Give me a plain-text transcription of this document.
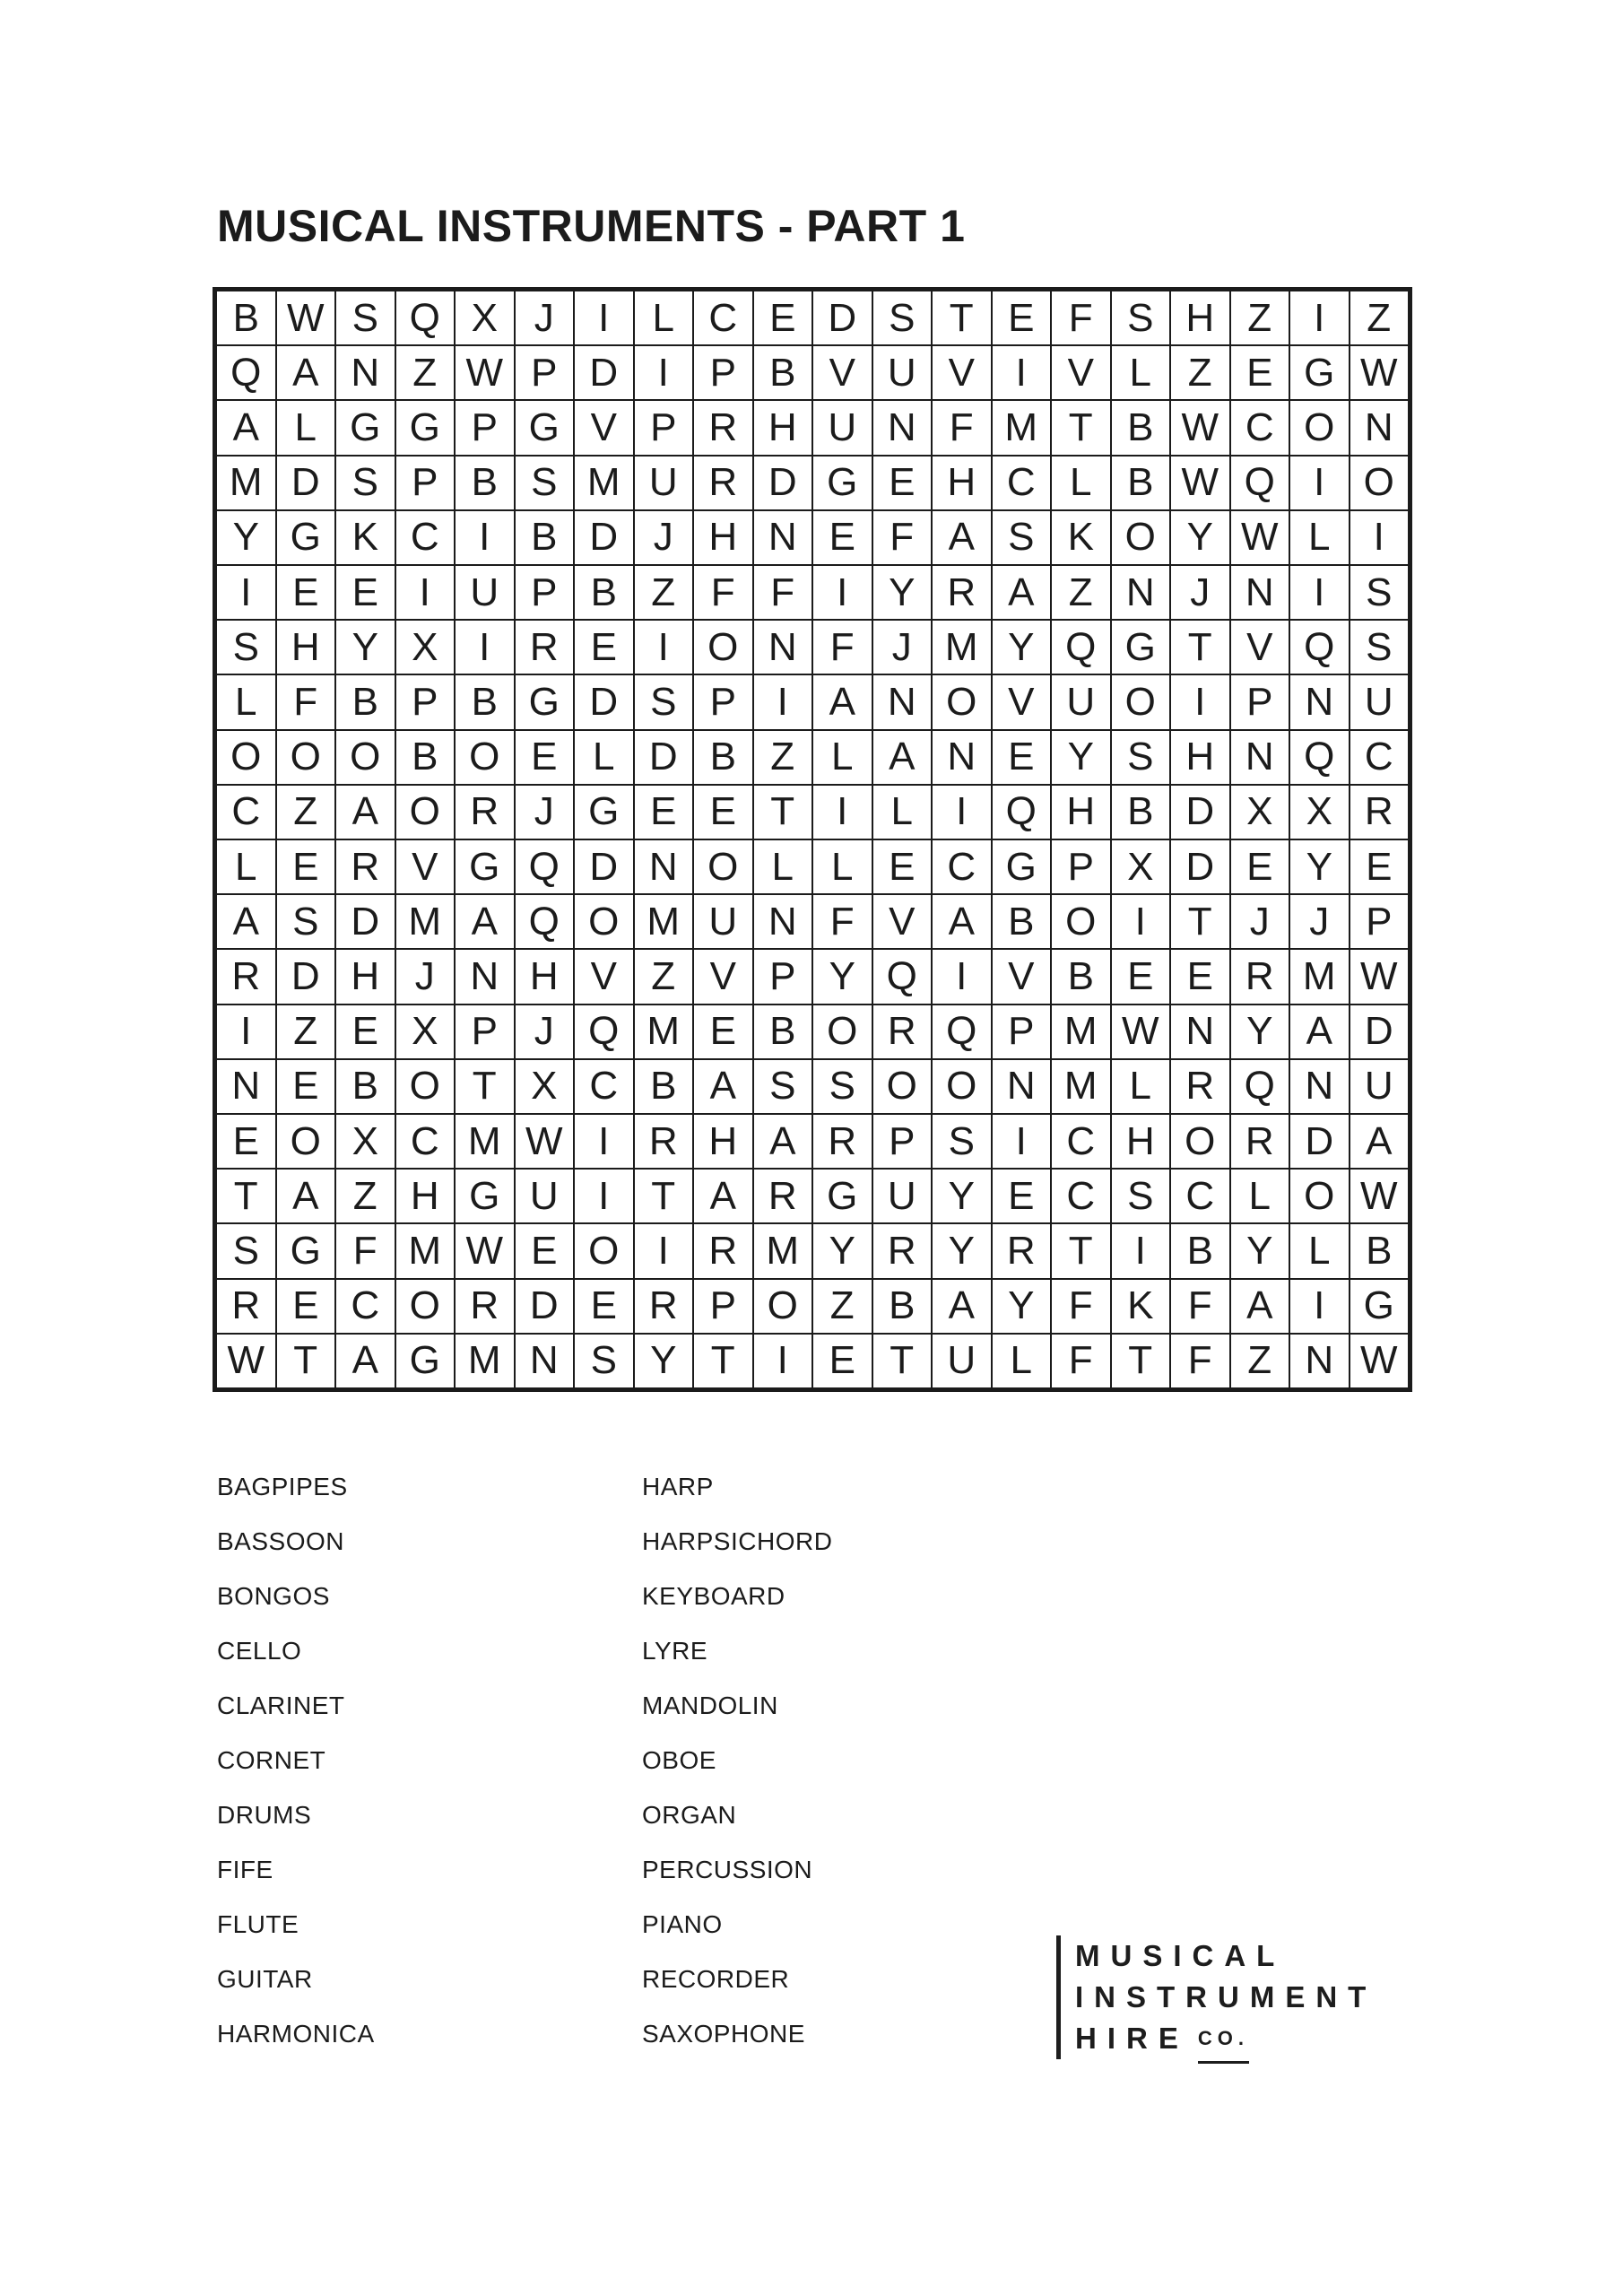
MUSICAL INSTRUMENTS - PART 1
B W S Q X J	I	L C E D S T E F S H Z	I	Z
Q A N Z W P D	I	P B V U V	I	V L Z E G W
A L G G P G V P R H U N F M T B W C O N
M D S P B S M U R D G E H C L B W Q I O
Y G K C	I	B D J H N E F A S K O Y W L	I
I	E E	I	U P B Z F F	I	Y R A Z N J N	I	S
S H Y X	I	R E	I O N F J M Y Q G T V Q S
L F B P B G D S P	I	A N O V U O I	P N U
O O O B O E L D B Z L A N E Y S H N Q C
C Z A O R J G E E T	I	L	I Q H B D X X R
L E R V G Q D N O L L E C G P X D E Y E
A S D M A Q O M U N F V A B O I	T J	J P
R D H J N H V Z V P Y Q I	V B E E R M W
I	Z E X P J Q M E B O R Q P M W N Y A D
N E B O T X C B A S S O O N M L R Q N U
E O X C M W I	R H A R P S	I	C H O R D A
T A Z H G U	I	T A R G U Y E C S C L O W
S G F M W E O I	R M Y R Y R T	I	B Y L B
R E C O R D E R P O Z B A Y F K F A	I G
W T A G M N S Y T	I	E T U L F T F Z N W
BAGPIPES
BASSOON
BONGOS
CELLO
CLARINET
CORNET
DRUMS
FIFE
FLUTE
GUITAR
HARMONICA
HARP
HARPSICHORD
KEYBOARD
LYRE
MANDOLIN
OBOE
ORGAN
PERCUSSION
PIANO
RECORDER
SAXOPHONE
MUSICAL
INSTRUMENT
HIRE CO.
